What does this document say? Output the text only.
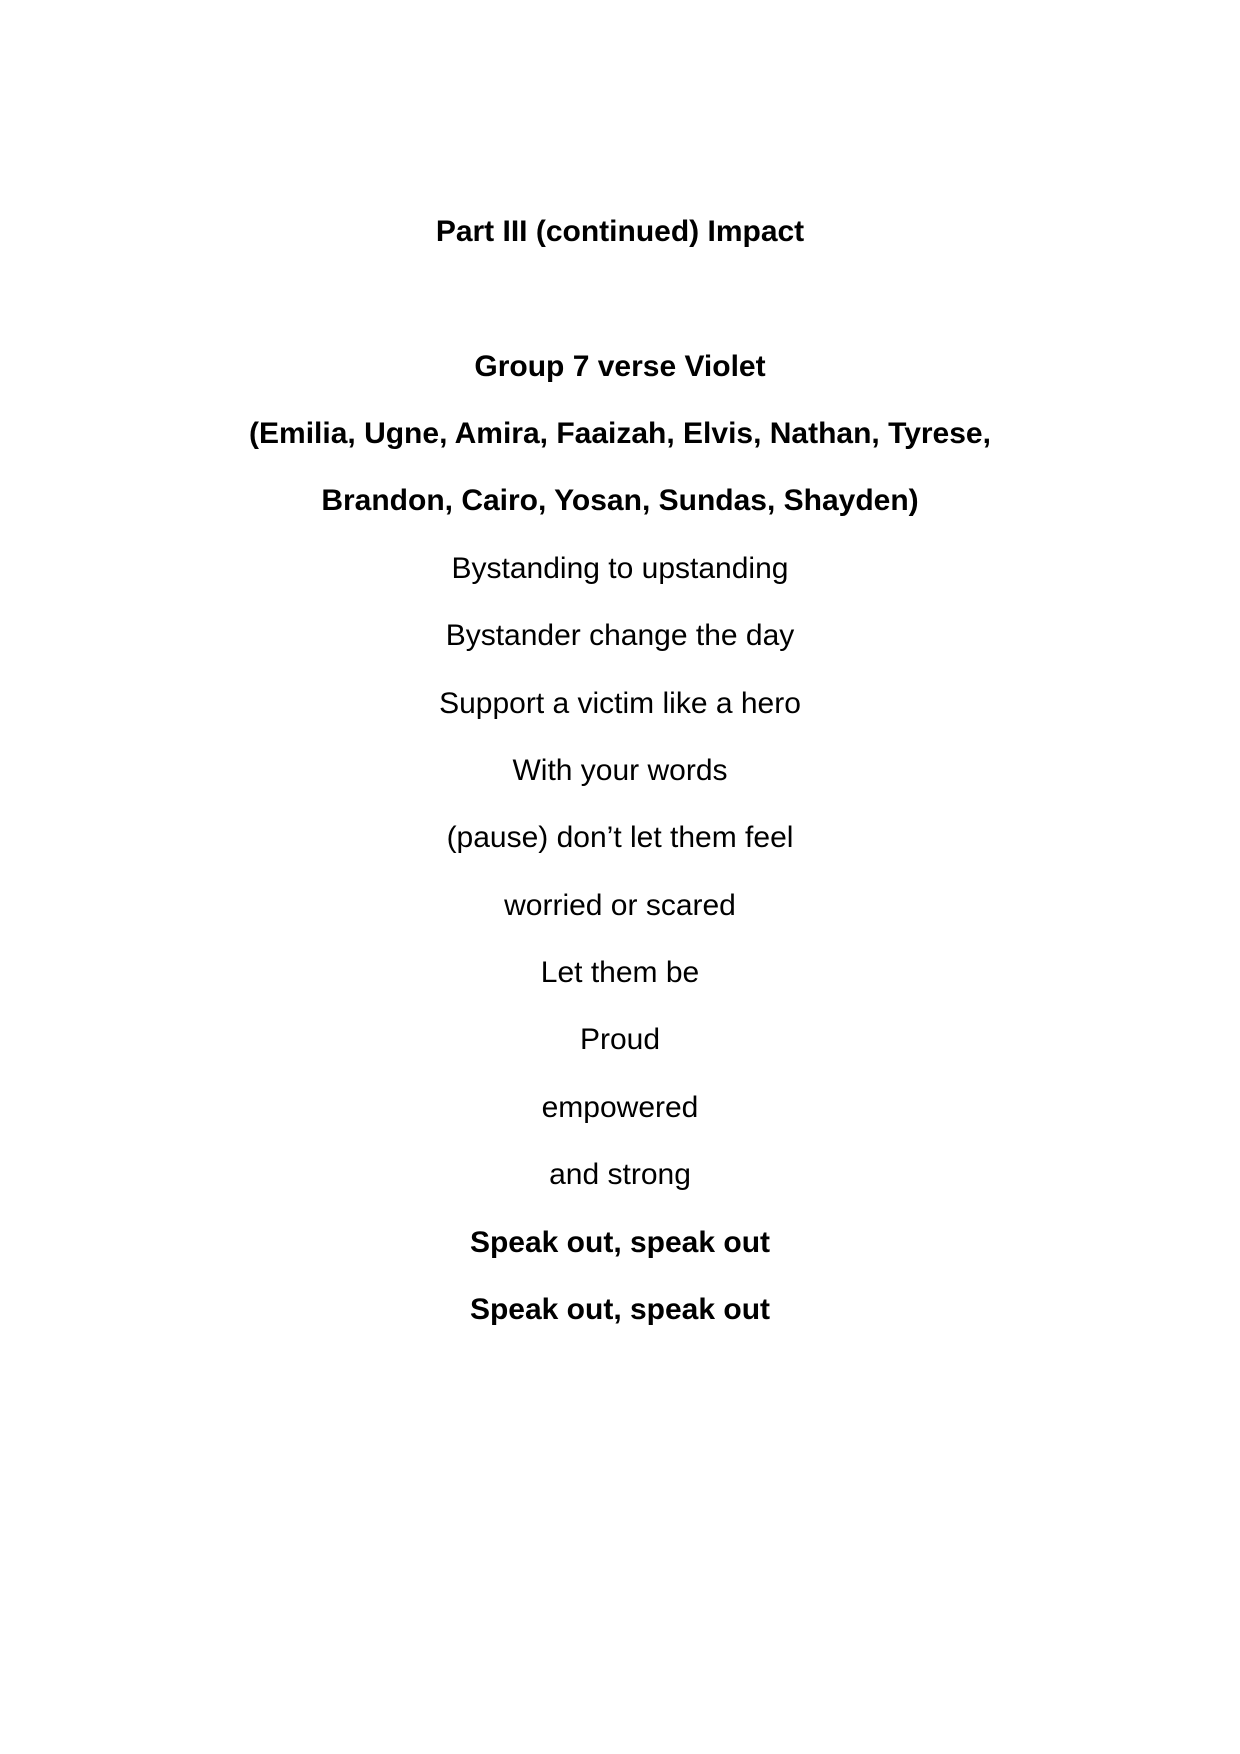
Part III (continued) Impact
Group 7 verse Violet
(Emilia, Ugne, Amira, Faaizah, Elvis, Nathan, Tyrese,
Brandon, Cairo, Yosan, Sundas, Shayden)
Bystanding to upstanding
Bystander change the day
Support a victim like a hero
With your words
(pause) don’t let them feel
worried or scared
Let them be
Proud
empowered
and strong
Speak out, speak out
Speak out, speak out
